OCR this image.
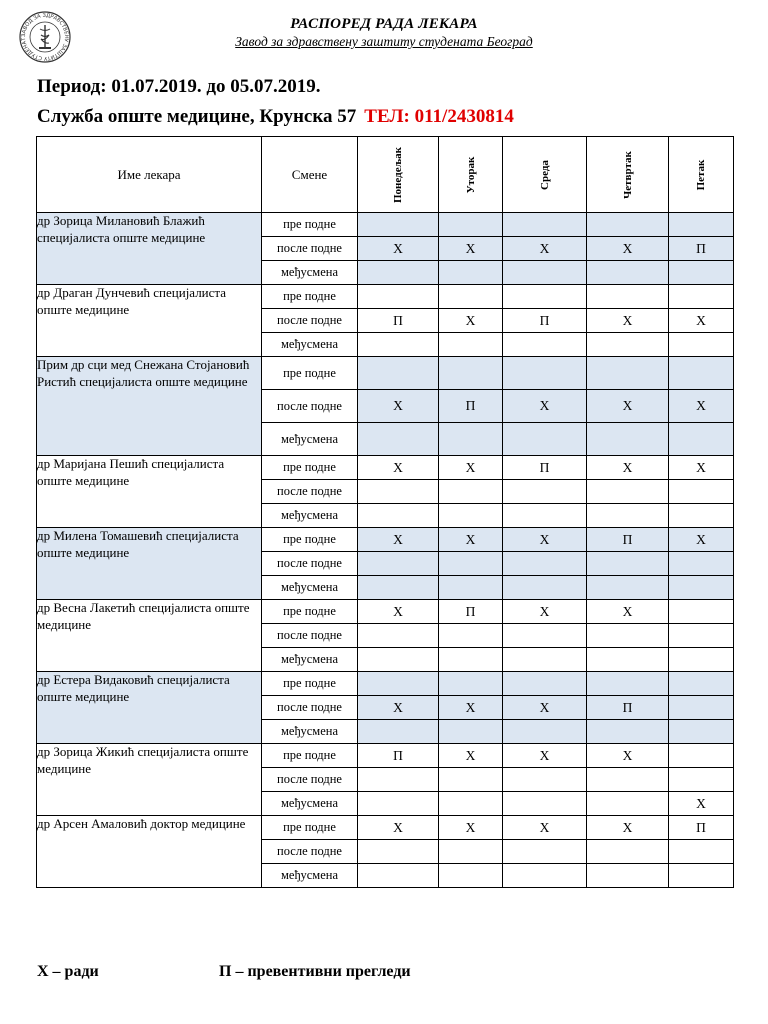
ЗАВОД ЗА ЗДРАВСТВЕНУ ЗАШТИТУ СТУДЕНАТ
РАСПОРЕД РАДА ЛЕКАРА
Завод за здравствену заштиту студената Београд
Период: 01.07.2019. до 05.07.2019.
Служба опште медицине, Крунска 57 ТЕЛ: 011/2430814
Име лекара	Смене	Понедељак	Уторак	Среда	Четвртак	Петак

др Зорица Милановић Блажић специјалиста опште медицине	пре подне					
	после подне	Х	Х	Х	Х	П
	међусмена					
др Драган Дунчевић специјалиста опште медицине	пре подне					
	после подне	П	Х	П	Х	Х
	међусмена					
Прим др сци мед Снежана Стојановић Ристић специјалиста опште медицине	пре подне					
	после подне	Х	П	Х	Х	Х
	међусмена					
др Маријана Пешић специјалиста опште медицине	пре подне	Х	Х	П	Х	Х
	после подне					
	међусмена					
др Милена Томашевић специјалиста опште медицине	пре подне	Х	Х	Х	П	Х
	после подне					
	међусмена					
др Весна Лакетић специјалиста опште медицине	пре подне	Х	П	Х	Х	
	после подне					
	међусмена					
др Естера Видаковић специјалиста опште медицине	пре подне					
	после подне	Х	Х	Х	П	
	међусмена					
др Зорица Жикић специјалиста опште медицине	пре подне	П	Х	Х	Х	
	после подне					
	међусмена					Х
др Арсен Амаловић доктор медицине	пре подне	Х	Х	Х	Х	П
	после подне					
	међусмена					
Х – ради	П – превентивни прегледи
